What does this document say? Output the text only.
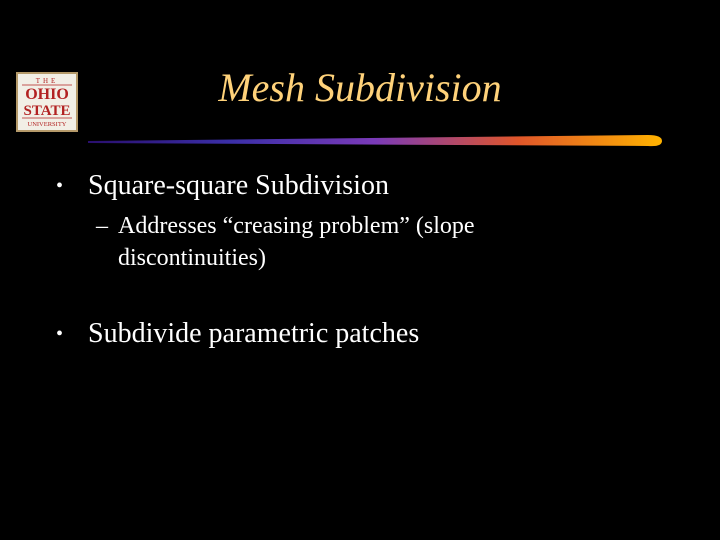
THE
OHIO
STATE
UNIVERSITY
Mesh Subdivision
• Square-square Subdivision
– Addresses “creasing problem” (slope discontinuities)
• Subdivide parametric patches
